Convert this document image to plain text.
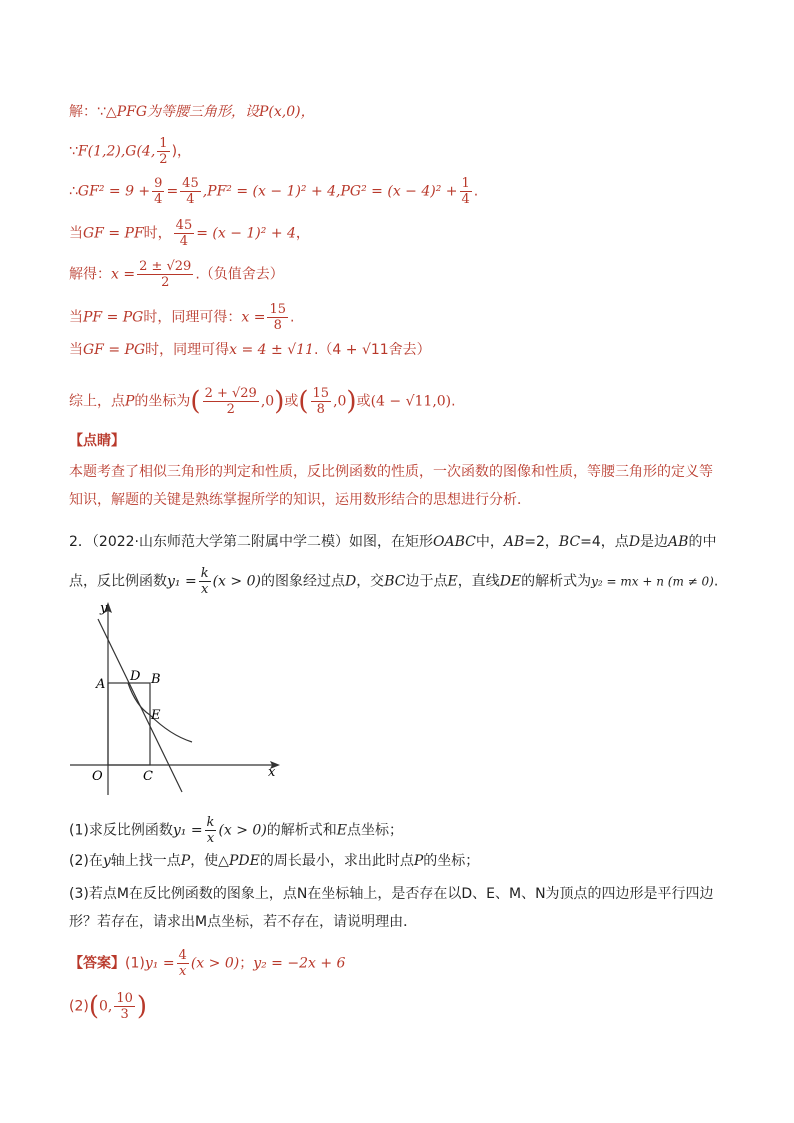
解：∵△PFG为等腰三角形，设P(x,0)，
∵F(1,2),G(4, $\frac{1}{2}$ )，
∴GF² = $9 + \frac{9}{4} = \frac{45}{4} ,PF^2 = (x - 1)^2 + 4,PG^2 = (x - 4)^2 + \frac{1}{4}$ .
当GF = PF时， $\frac{45}{4} = (x - 1)^2 + 4$，
解得：$x = \frac{2 \pm √29}{2}$ .（负值舍去）
当PF = PG时，同理可得：$x = \frac{15}{8}$ .
当GF = PG时，同理可得x = 4 ± √11.（4 + √11舍去）
综上，点P的坐标为( $\frac{2 + √29}{2} ,0$)或( $\frac{15}{8} ,0$)或(4 − √11,0).
【点睛】
本题考查了相似三角形的判定和性质，反比例函数的性质，一次函数的图像和性质，等腰三角形的定义等知识，解题的关键是熟练掌握所学的知识，运用数形结合的思想进行分析．
2．（2022·山东师范大学第二附属中学二模）如图，在矩形OABC中，AB=2，BC=4，点D是边AB的中
点，反比例函数$y_1 = \frac{k}{x} (x > 0)$的图象经过点D，交BC边于点E，直线DE的解析式为y₂ = mx + n (m ≠ 0).
y
x
O
A	B
C
D
E
(1)求反比例函数$y_1 = \frac{k}{x} (x > 0)$的解析式和E点坐标；
(2)在y轴上找一点P，使△PDE的周长最小，求出此时点P的坐标；
(3)若点M在反比例函数的图象上，点N在坐标轴上，是否存在以D、E、M、N为顶点的四边形是平行四边形？若存在，请求出M点坐标，若不存在，请说明理由．
【答案】$(1)y_1 = \frac{4}{x} (x > 0)$；y₂ = −2x + 6
(2)(0, $\frac{10}{3}$ )
